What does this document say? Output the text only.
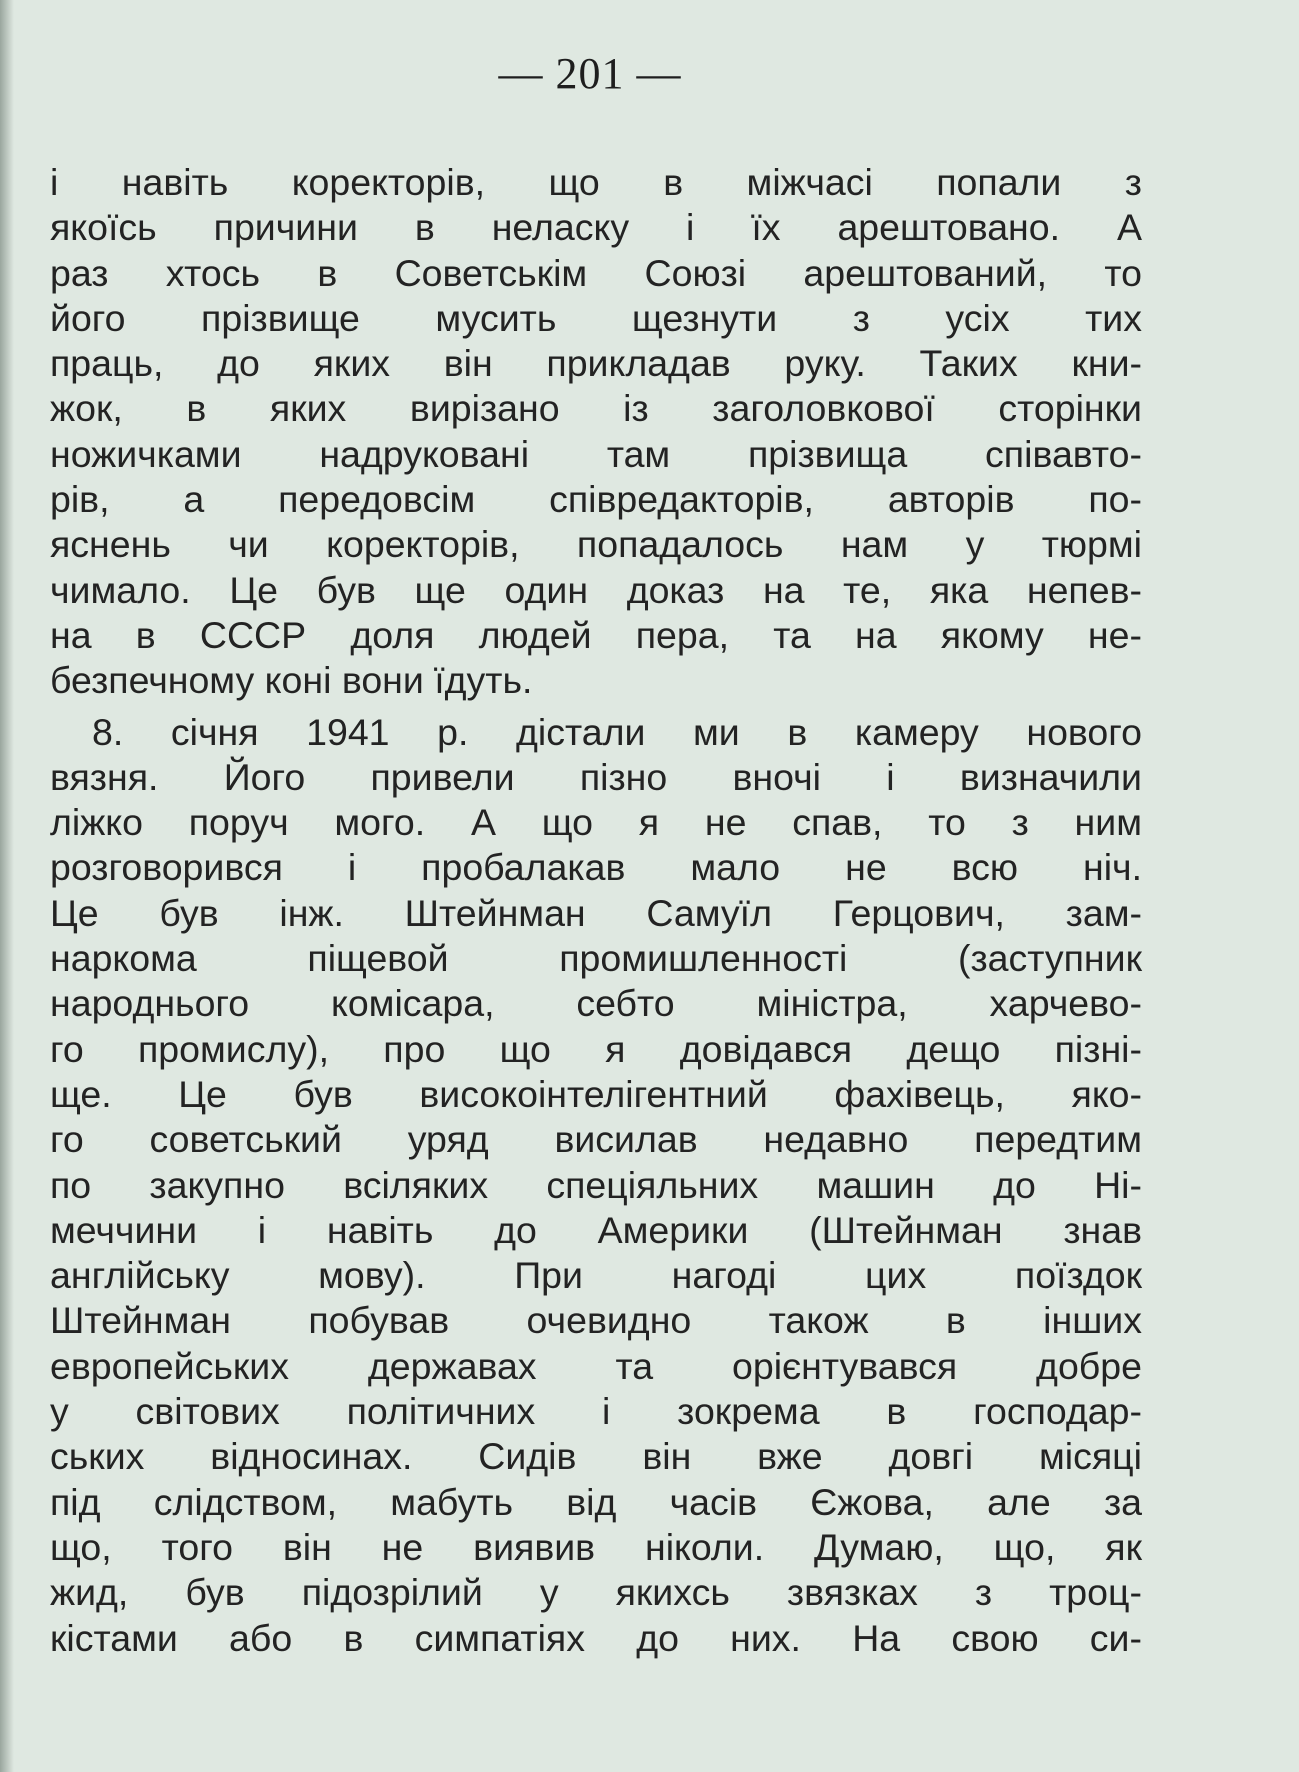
— 201 —
і навіть коректорів, що в міжчасі попали з
якоїсь причини в неласку і їх арештовано. А
раз хтось в Советськім Союзі арештований, то
його прізвище мусить щезнути з усіх тих
праць, до яких він прикладав руку. Таких кни-
жок, в яких вирізано із заголовкової сторінки
ножичками надруковані там прізвища співавто-
рів, а передовсім співредакторів, авторів по-
яснень чи коректорів, попадалось нам у тюрмі
чимало. Це був ще один доказ на те, яка непев-
на в СССР доля людей пера, та на якому не-
безпечному коні вони їдуть.
8. січня 1941 р. дістали ми в камеру нового
вязня. Його привели пізно вночі і визначили
ліжко поруч мого. А що я не спав, то з ним
розговорився і пробалакав мало не всю ніч.
Це був інж. Штейнман Самуїл Герцович, зам-
наркома піщевой промишленності (заступник
народнього комісара, себто міністра, харчево-
го промислу), про що я довідався дещо пізні-
ще. Це був високоінтелігентний фахівець, яко-
го советський уряд висилав недавно передтим
по закупно всіляких спеціяльних машин до Ні-
меччини і навіть до Америки (Штейнман знав
англійську мову). При нагоді цих поїздок
Штейнман побував очевидно також в інших
европейських державах та орієнтувався добре
у світових політичних і зокрема в господар-
ських відносинах. Сидів він вже довгі місяці
під слідством, мабуть від часів Єжова, але за
що, того він не виявив ніколи. Думаю, що, як
жид, був підозрілий у якихсь звязках з троц-
кістами або в симпатіях до них. На свою си-
